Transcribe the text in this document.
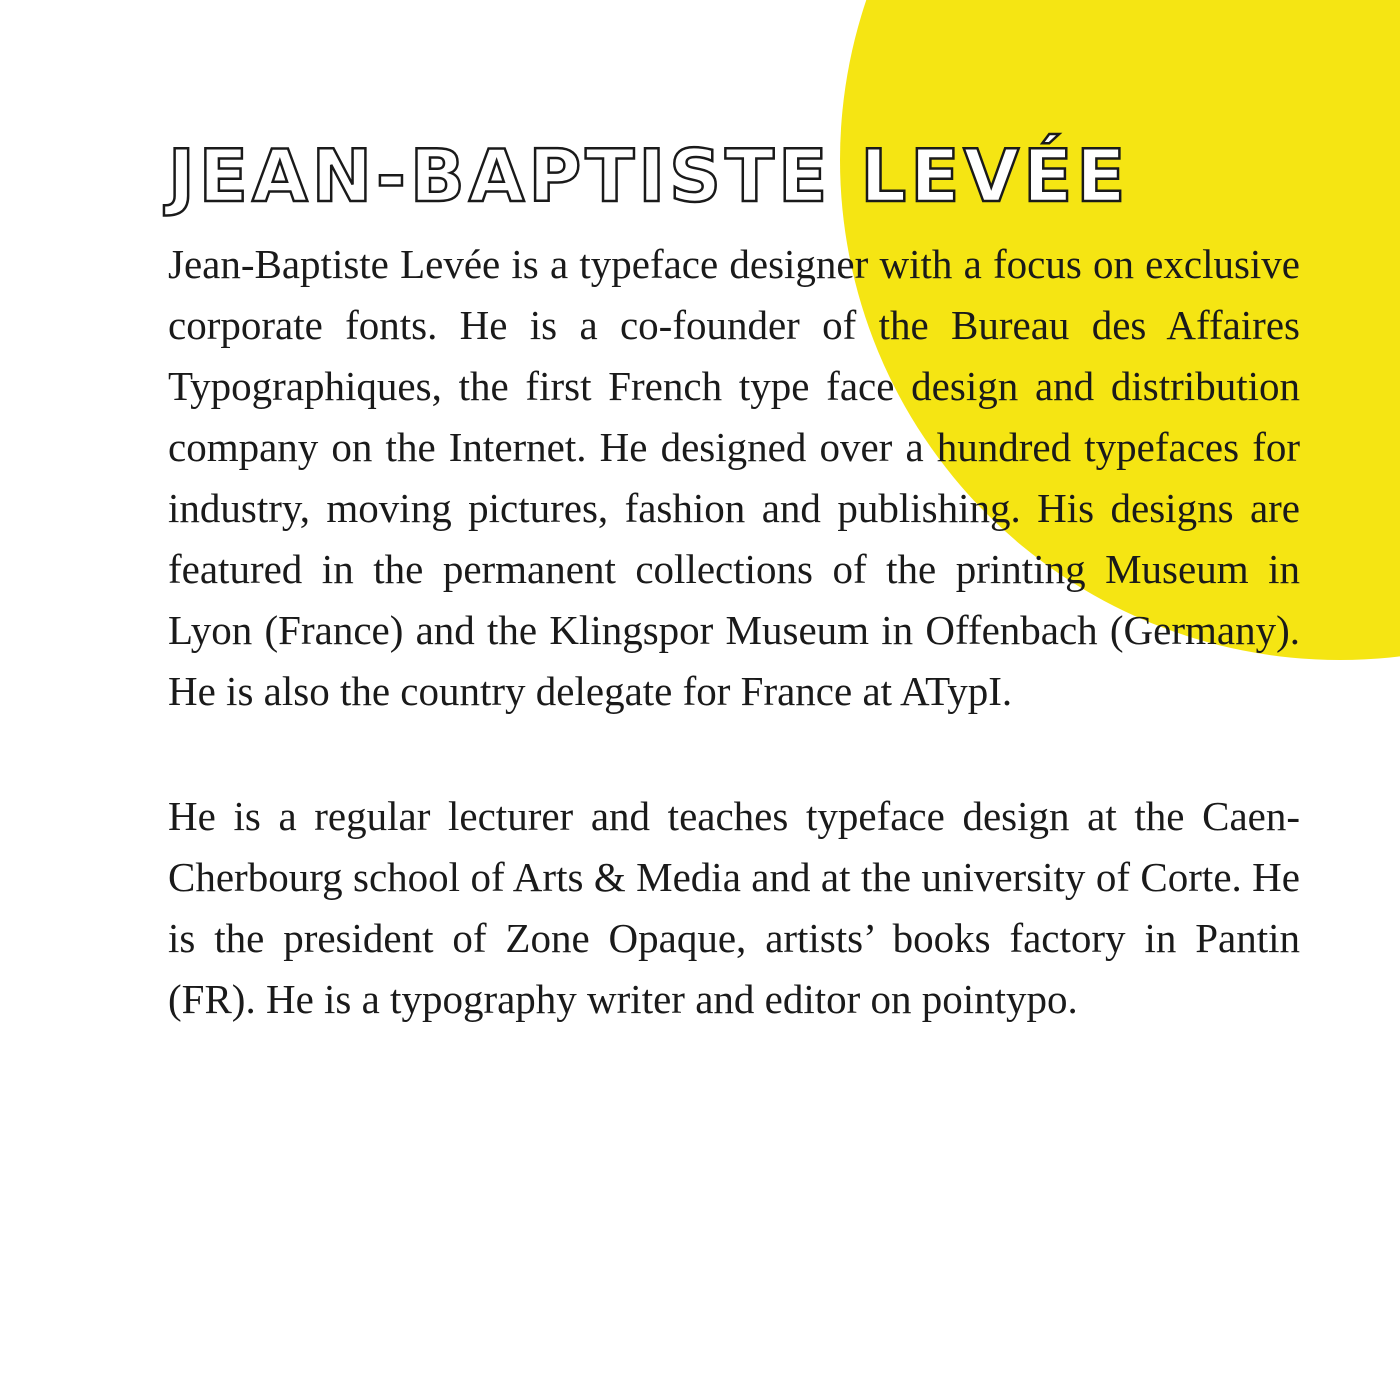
JEAN-BAPTISTE LEVÉE

Jean-Baptiste Levée is a typeface designer with a focus on exclusive corporate fonts. He is a co-founder of the Bureau des Affaires Typographiques, the first French type face design and distribution company on the Internet. He designed over a hundred typefaces for industry, moving pictures, fashion and publishing. His designs are featured in the permanent collections of the printing Museum in Lyon (France) and the Klingspor Museum in Offenbach (Germany). He is also the country delegate for France at ATypI.

He is a regular lecturer and teaches typeface design at the Caen-Cherbourg school of Arts & Media and at the university of Corte. He is the president of Zone Opaque, artists’ books factory in Pantin (FR). He is a typography writer and editor on pointypo.
